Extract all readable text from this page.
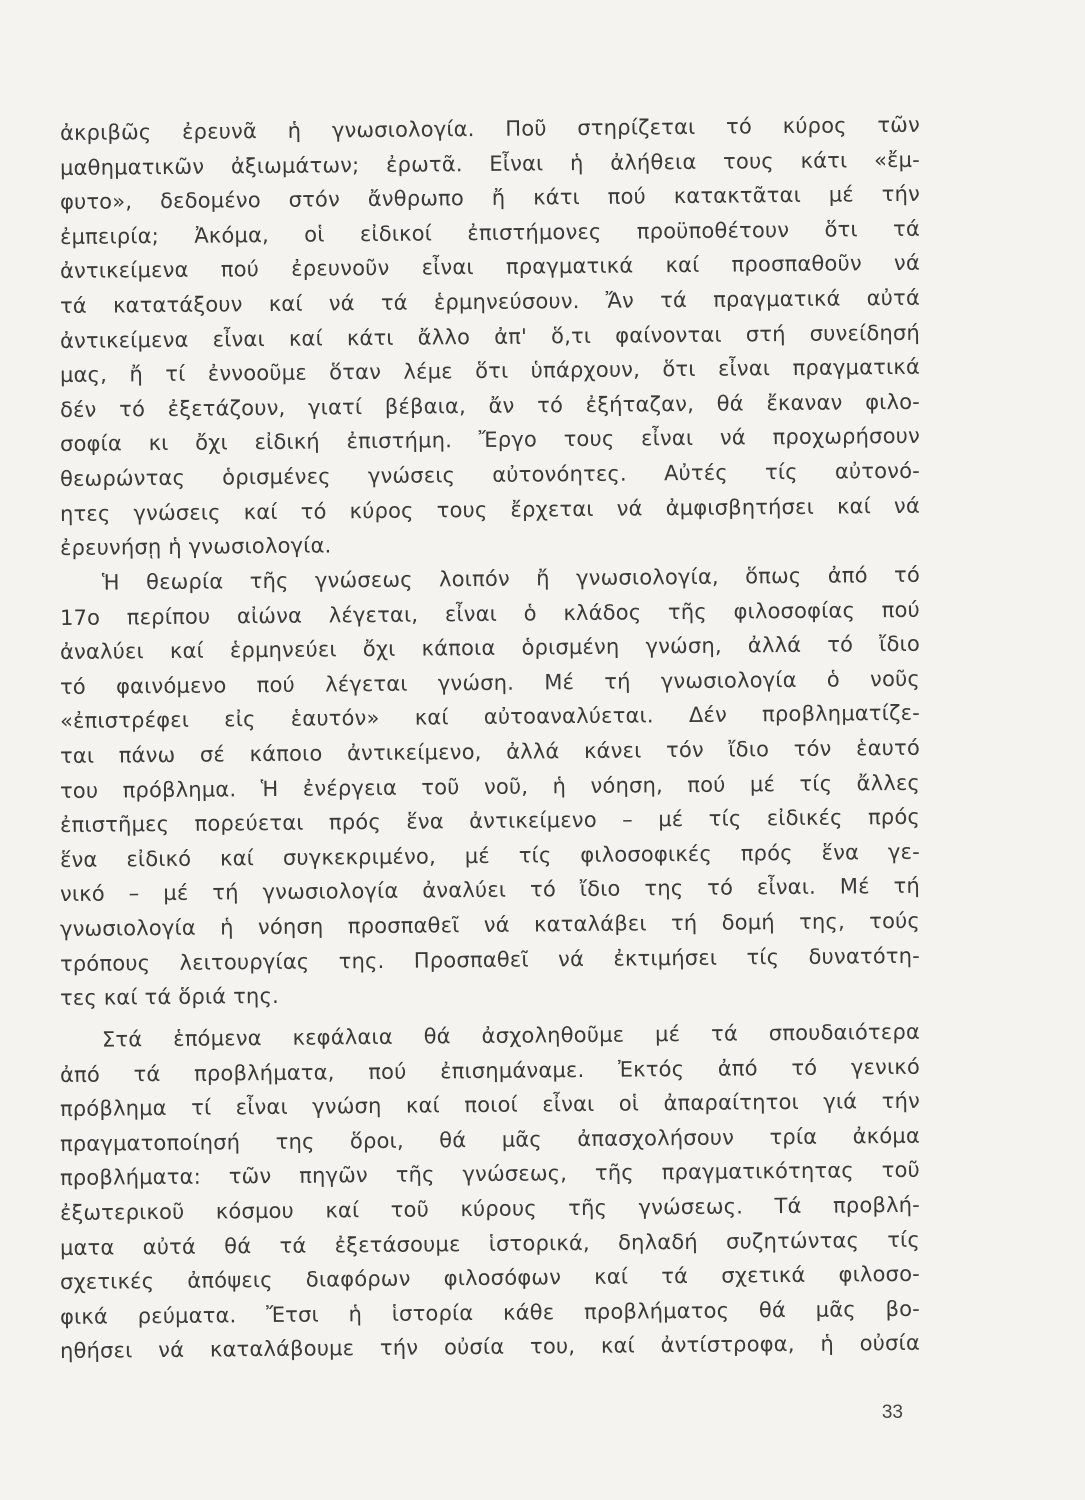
ἀκριβῶς ἐρευνᾶ ἡ γνωσιολογία. Ποῦ στηρίζεται τό κύρος τῶν
μαθηματικῶν ἀξιωμάτων; ἐρωτᾶ. Εἶναι ἡ ἀλήθεια τους κάτι «ἔμ-
φυτο», δεδομένο στόν ἄνθρωπο ἤ κάτι πού κατακτᾶται μέ τήν
ἐμπειρία; Ἀκόμα, οἱ εἰδικοί ἐπιστήμονες προϋποθέτουν ὅτι τά
ἀντικείμενα πού ἐρευνοῦν εἶναι πραγματικά καί προσπαθοῦν νά
τά κατατάξουν καί νά τά ἑρμηνεύσουν. Ἄν τά πραγματικά αὐτά
ἀντικείμενα εἶναι καί κάτι ἄλλο ἀπ' ὅ,τι φαίνονται στή συνείδησή
μας, ἤ τί ἐννοοῦμε ὅταν λέμε ὅτι ὑπάρχουν, ὅτι εἶναι πραγματικά
δέν τό ἐξετάζουν, γιατί βέβαια, ἄν τό ἐξήταζαν, θά ἔκαναν φιλο-
σοφία κι ὄχι εἰδική ἐπιστήμη. Ἔργο τους εἶναι νά προχωρήσουν
θεωρώντας ὁρισμένες γνώσεις αὐτονόητες. Αὐτές τίς αὐτονό-
ητες γνώσεις καί τό κύρος τους ἔρχεται νά ἀμφισβητήσει καί νά
ἐρευνήσῃ ἡ γνωσιολογία.
Ἡ θεωρία τῆς γνώσεως λοιπόν ἤ γνωσιολογία, ὅπως ἀπό τό
17ο περίπου αἰώνα λέγεται, εἶναι ὁ κλάδος τῆς φιλοσοφίας πού
ἀναλύει καί ἑρμηνεύει ὄχι κάποια ὁρισμένη γνώση, ἀλλά τό ἴδιο
τό φαινόμενο πού λέγεται γνώση. Μέ τή γνωσιολογία ὁ νοῦς
«ἐπιστρέφει εἰς ἑαυτόν» καί αὐτοαναλύεται. Δέν προβληματίζε-
ται πάνω σέ κάποιο ἀντικείμενο, ἀλλά κάνει τόν ἴδιο τόν ἑαυτό
του πρόβλημα. Ἡ ἐνέργεια τοῦ νοῦ, ἡ νόηση, πού μέ τίς ἄλλες
ἐπιστῆμες πορεύεται πρός ἕνα ἀντικείμενο – μέ τίς εἰδικές πρός
ἕνα εἰδικό καί συγκεκριμένο, μέ τίς φιλοσοφικές πρός ἕνα γε-
νικό – μέ τή γνωσιολογία ἀναλύει τό ἴδιο της τό εἶναι. Μέ τή
γνωσιολογία ἡ νόηση προσπαθεῖ νά καταλάβει τή δομή της, τούς
τρόπους λειτουργίας της. Προσπαθεῖ νά ἐκτιμήσει τίς δυνατότη-
τες καί τά ὅριά της.
Στά ἑπόμενα κεφάλαια θά ἀσχοληθοῦμε μέ τά σπουδαιότερα
ἀπό τά προβλήματα, πού ἐπισημάναμε. Ἐκτός ἀπό τό γενικό
πρόβλημα τί εἶναι γνώση καί ποιοί εἶναι οἱ ἀπαραίτητοι γιά τήν
πραγματοποίησή της ὅροι, θά μᾶς ἀπασχολήσουν τρία ἀκόμα
προβλήματα: τῶν πηγῶν τῆς γνώσεως, τῆς πραγματικότητας τοῦ
ἐξωτερικοῦ κόσμου καί τοῦ κύρους τῆς γνώσεως. Τά προβλή-
ματα αὐτά θά τά ἐξετάσουμε ἱστορικά, δηλαδή συζητώντας τίς
σχετικές ἀπόψεις διαφόρων φιλοσόφων καί τά σχετικά φιλοσο-
φικά ρεύματα. Ἔτσι ἡ ἱστορία κάθε προβλήματος θά μᾶς βο-
ηθήσει νά καταλάβουμε τήν οὐσία του, καί ἀντίστροφα, ἡ οὐσία
33
